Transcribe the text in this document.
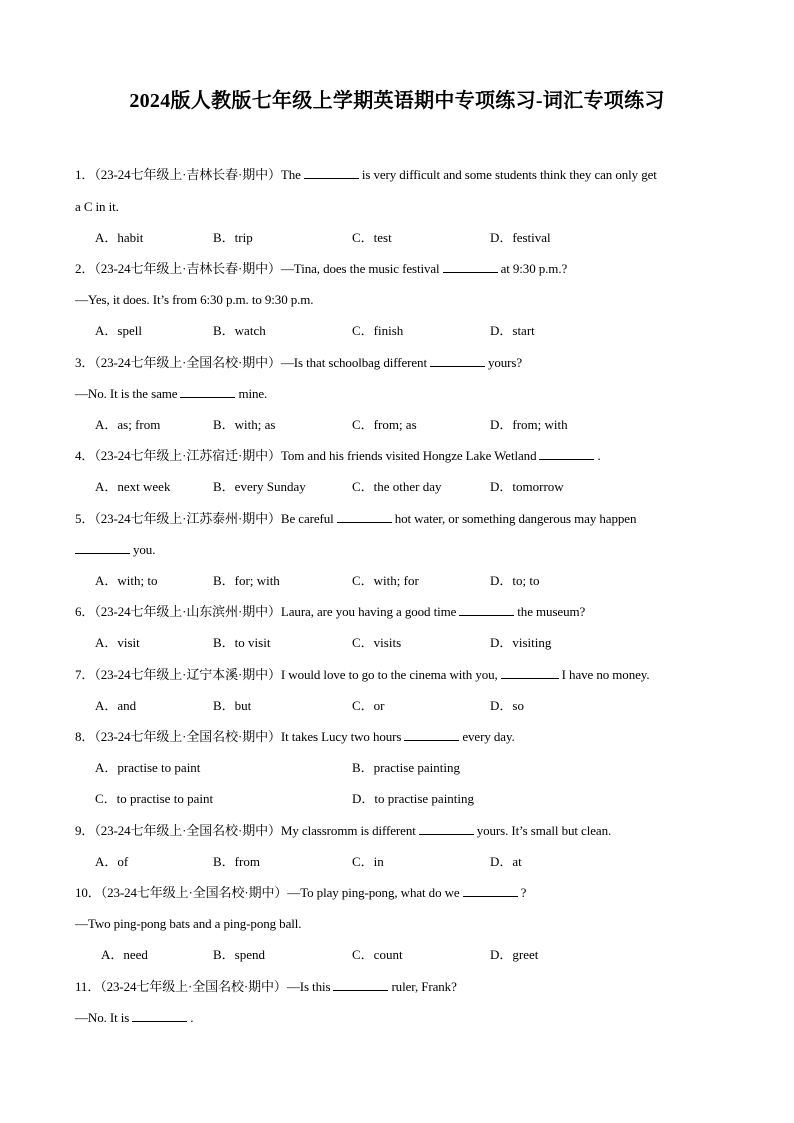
2024版人教版七年级上学期英语期中专项练习-词汇专项练习
1．（23-24七年级上·吉林长春·期中）The	is very difficult and some students think they can only get
a C in it.
A．habit	B．trip	C．test	D．festival
2．（23-24七年级上·吉林长春·期中）—Tina, does the music festival	at 9:30 p.m.?
—Yes, it does. It’s from 6:30 p.m. to 9:30 p.m.
A．spell	B．watch	C．finish	D．start
3．（23-24七年级上·全国名校·期中）—Is that schoolbag different	yours?
—No. It is the same	mine.
A．as; from	B．with; as	C．from; as	D．from; with
4．（23-24七年级上·江苏宿迁·期中）Tom and his friends visited Hongze Lake Wetland	.
A．next week	B．every Sunday	C．the other day	D．tomorrow
5．（23-24七年级上·江苏泰州·期中）Be careful	hot water, or something dangerous may happen
you.
A．with; to	B．for; with	C．with; for	D．to; to
6．（23-24七年级上·山东滨州·期中）Laura, are you having a good time	the museum?
A．visit	B．to visit	C．visits	D．visiting
7．（23-24七年级上·辽宁本溪·期中）I would love to go to the cinema with you,	I have no money.
A．and	B．but	C．or	D．so
8．（23-24七年级上·全国名校·期中）It takes Lucy two hours	every day.
A．practise to paint	B．practise painting
C．to practise to paint	D．to practise painting
9．（23-24七年级上·全国名校·期中）My classromm is different	yours. It’s small but clean.
A．of	B．from	C．in	D．at
10．（23-24七年级上·全国名校·期中）—To play ping-pong, what do we	?
—Two ping-pong bats and a ping-pong ball.
A．need	B．spend	C．count	D．greet
11．（23-24七年级上·全国名校·期中）—Is this	ruler, Frank?
—No. It is	.
